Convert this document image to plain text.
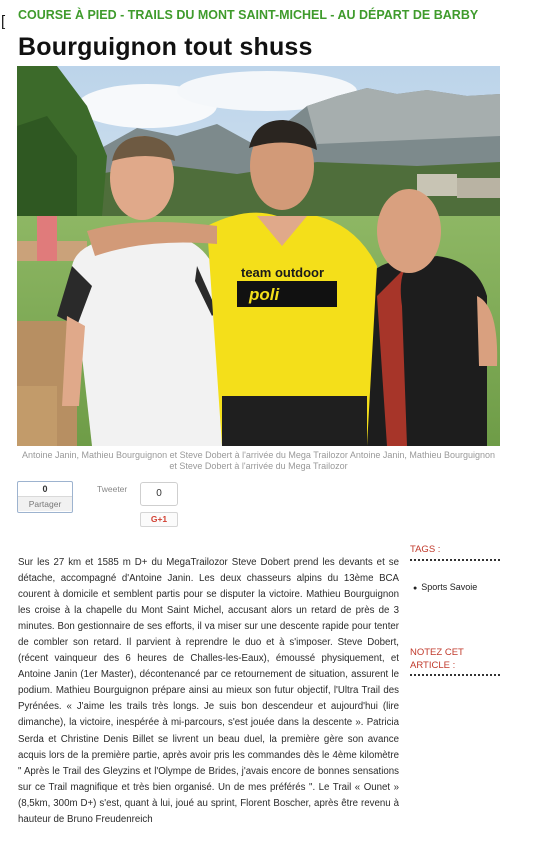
[ COURSE À PIED - TRAILS DU MONT SAINT-MICHEL - AU DÉPART DE BARBY
Bourguignon tout shuss
team outdoor
poli
Antoine Janin, Mathieu Bourguignon et Steve Dobert à l'arrivée du Mega Trailozor Antoine Janin, Mathieu Bourguignon et Steve Dobert à l'arrivée du Mega Trailozor
0
Partager
Tweeter	0
G+1

Sur les 27 km et 1585 m D+ du MegaTrailozor Steve Dobert prend les devants et se détache, accompagné d'Antoine Janin. Les deux chasseurs alpins du 13ème BCA courent à domicile et semblent partis pour se disputer la victoire. Mathieu Bourguignon les croise à la chapelle du Mont Saint Michel, accusant alors un retard de près de 3 minutes. Bon gestionnaire de ses efforts, il va miser sur une descente rapide pour tenter de combler son retard. Il parvient à reprendre le duo et à s'imposer. Steve Dobert, (récent vainqueur des 6 heures de Challes-les-Eaux), émoussé physiquement, et Antoine Janin (1er Master), décontenancé par ce retournement de situation, assurent le podium. Mathieu Bourguignon prépare ainsi au mieux son futur objectif, l'Ultra Trail des Pyrénées. « J'aime les trails très longs. Je suis bon descendeur et aujourd'hui (lire dimanche), la victoire, inespérée à mi-parcours, s'est jouée dans la descente ». Patricia Serda et Christine Denis Billet se livrent un beau duel, la première gère son avance acquis lors de la première partie, après avoir pris les commandes dès le 4ème kilomètre " Après le Trail des Gleyzins et l'Olympe de Brides, j'avais encore de bonnes sensations sur ce Trail magnifique et très bien organisé. Un de mes préférés ". Le Trail « Ounet » (8,5km, 300m D+) s'est, quant à lui, joué au sprint, Florent Boscher, après être revenu à hauteur de Bruno Freudenreich

TAGS :
● Sports Savoie
NOTEZ CET ARTICLE :
